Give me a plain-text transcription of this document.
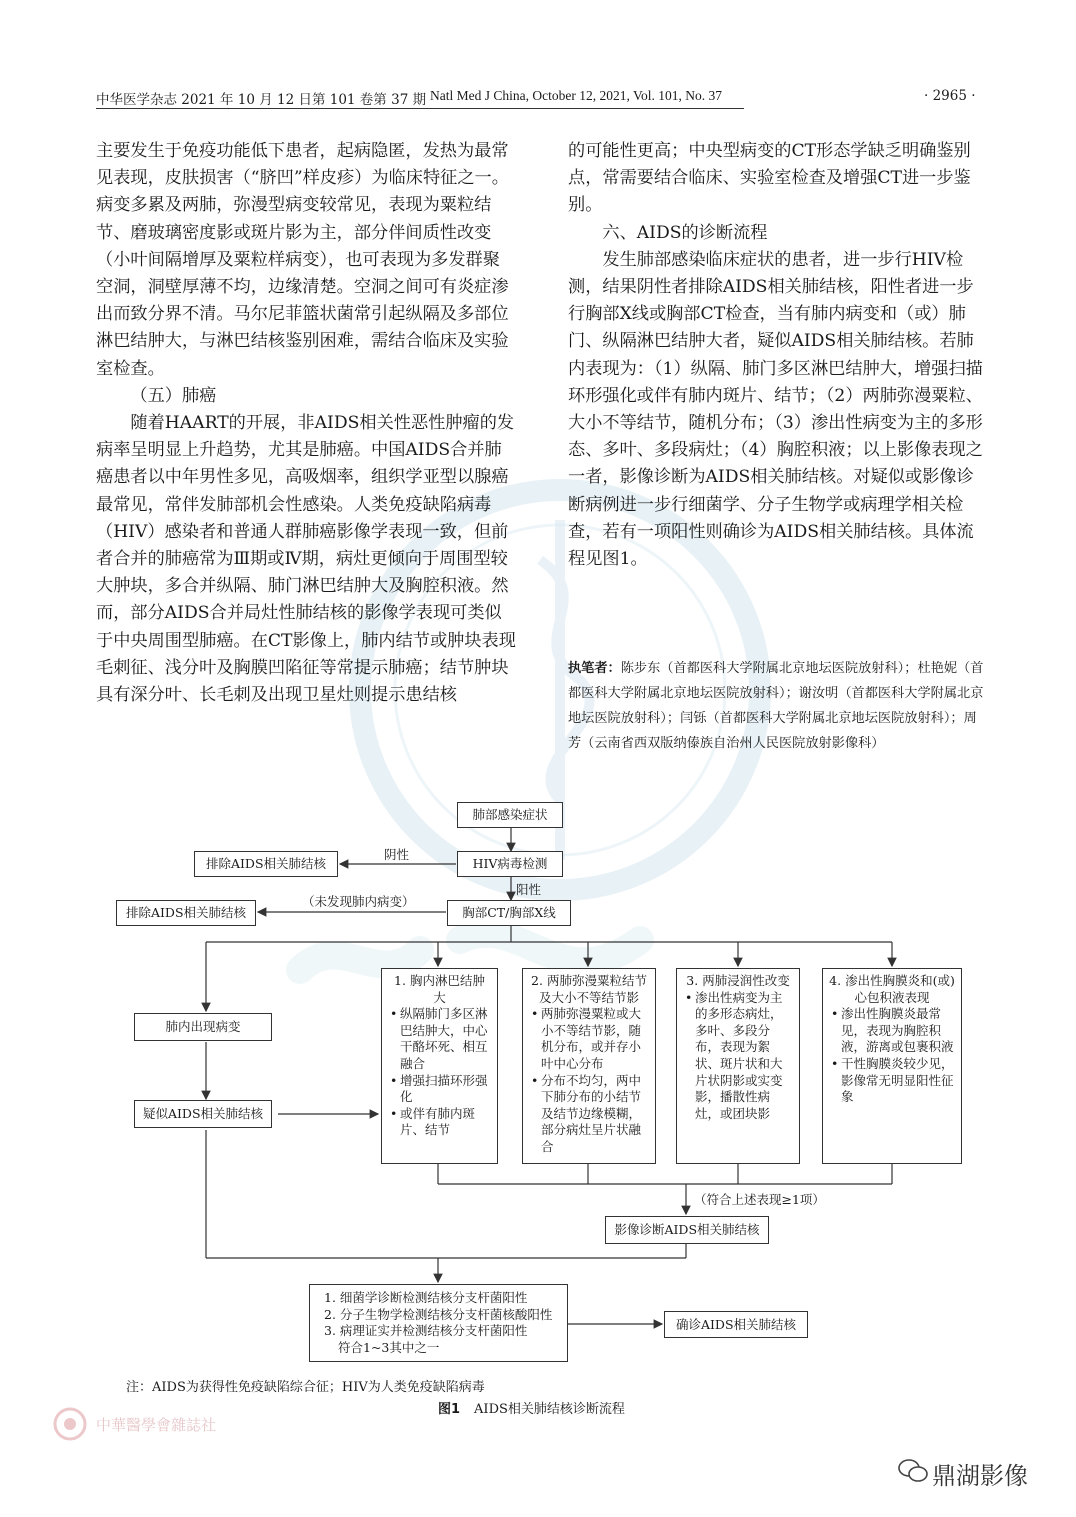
中华医学杂志 2021 年 10 月 12 日第 101 卷第 37 期 Natl Med J China, October 12, 2021, Vol. 101, No. 37	· 2965 ·

主要发生于免疫功能低下患者，起病隐匿，发热为最常见表现，皮肤损害（“脐凹”样皮疹）为临床特征之一。病变多累及两肺，弥漫型病变较常见，表现为粟粒结节、磨玻璃密度影或斑片影为主，部分伴间质性改变（小叶间隔增厚及粟粒样病变），也可表现为多发群聚空洞，洞壁厚薄不均，边缘清楚。空洞之间可有炎症渗出而致分界不清。马尔尼菲篮状菌常引起纵隔及多部位淋巴结肿大，与淋巴结核鉴别困难，需结合临床及实验室检查。

（五）肺癌

随着HAART的开展，非AIDS相关性恶性肿瘤的发病率呈明显上升趋势，尤其是肺癌。中国AIDS合并肺癌患者以中年男性多见，高吸烟率，组织学亚型以腺癌最常见，常伴发肺部机会性感染。人类免疫缺陷病毒（HIV）感染者和普通人群肺癌影像学表现一致，但前者合并的肺癌常为Ⅲ期或Ⅳ期，病灶更倾向于周围型较大肿块，多合并纵隔、肺门淋巴结肿大及胸腔积液。然而，部分AIDS合并局灶性肺结核的影像学表现可类似于中央周围型肺癌。在CT影像上，肺内结节或肿块表现毛刺征、浅分叶及胸膜凹陷征等常提示肺癌；结节肿块具有深分叶、长毛刺及出现卫星灶则提示患结核

的可能性更高；中央型病变的CT形态学缺乏明确鉴别点，常需要结合临床、实验室检查及增强CT进一步鉴别。

六、AIDS的诊断流程

发生肺部感染临床症状的患者，进一步行HIV检测，结果阴性者排除AIDS相关肺结核，阳性者进一步行胸部X线或胸部CT检查，当有肺内病变和（或）肺门、纵隔淋巴结肿大者，疑似AIDS相关肺结核。若肺内表现为：（1）纵隔、肺门多区淋巴结肿大，增强扫描环形强化或伴有肺内斑片、结节；（2）两肺弥漫粟粒、大小不等结节，随机分布；（3）渗出性病变为主的多形态、多叶、多段病灶；（4）胸腔积液；以上影像表现之一者，影像诊断为AIDS相关肺结核。对疑似或影像诊断病例进一步行细菌学、分子生物学或病理学相关检查，若有一项阳性则确诊为AIDS相关肺结核。具体流程见图1。

执笔者：陈步东（首都医科大学附属北京地坛医院放射科）；杜艳妮（首都医科大学附属北京地坛医院放射科）；谢汝明（首都医科大学附属北京地坛医院放射科）；闫铄（首都医科大学附属北京地坛医院放射科）；周芳（云南省西双版纳傣族自治州人民医院放射影像科）
肺部感染症状
HIV病毒检测
阴性
排除AIDS相关肺结核
阳性
（未发现肺内病变）
排除AIDS相关肺结核	胸部CT/胸部X线
肺内出现病变
疑似AIDS相关肺结核
1. 胸内淋巴结肿大
• 纵隔肺门多区淋巴结肿大，中心干酪坏死、相互融合
• 增强扫描环形强化
• 或伴有肺内斑片、结节
2. 两肺弥漫粟粒结节及大小不等结节影
• 两肺弥漫粟粒或大小不等结节影，随机分布，或并存小叶中心分布
• 分布不均匀，两中下肺分布的小结节及结节边缘模糊，部分病灶呈片状融合
3. 两肺浸润性改变
• 渗出性病变为主的多形态病灶，多叶、多段分布，表现为絮状、斑片状和大片状阴影或实变影，播散性病灶，或团块影
4. 渗出性胸膜炎和(或)心包积液表现
• 渗出性胸膜炎最常见，表现为胸腔积液，游离或包裹积液
• 干性胸膜炎较少见，影像常无明显阳性征象
（符合上述表现≥1项）
影像诊断AIDS相关肺结核
1. 细菌学诊断检测结核分支杆菌阳性
2. 分子生物学检测结核分支杆菌核酸阳性
3. 病理证实并检测结核分支杆菌阳性
符合1~3其中之一
确诊AIDS相关肺结核
注：AIDS为获得性免疫缺陷综合征；HIV为人类免疫缺陷病毒
图1 AIDS相关肺结核诊断流程
中華醫學會雜誌社
鼎湖影像
